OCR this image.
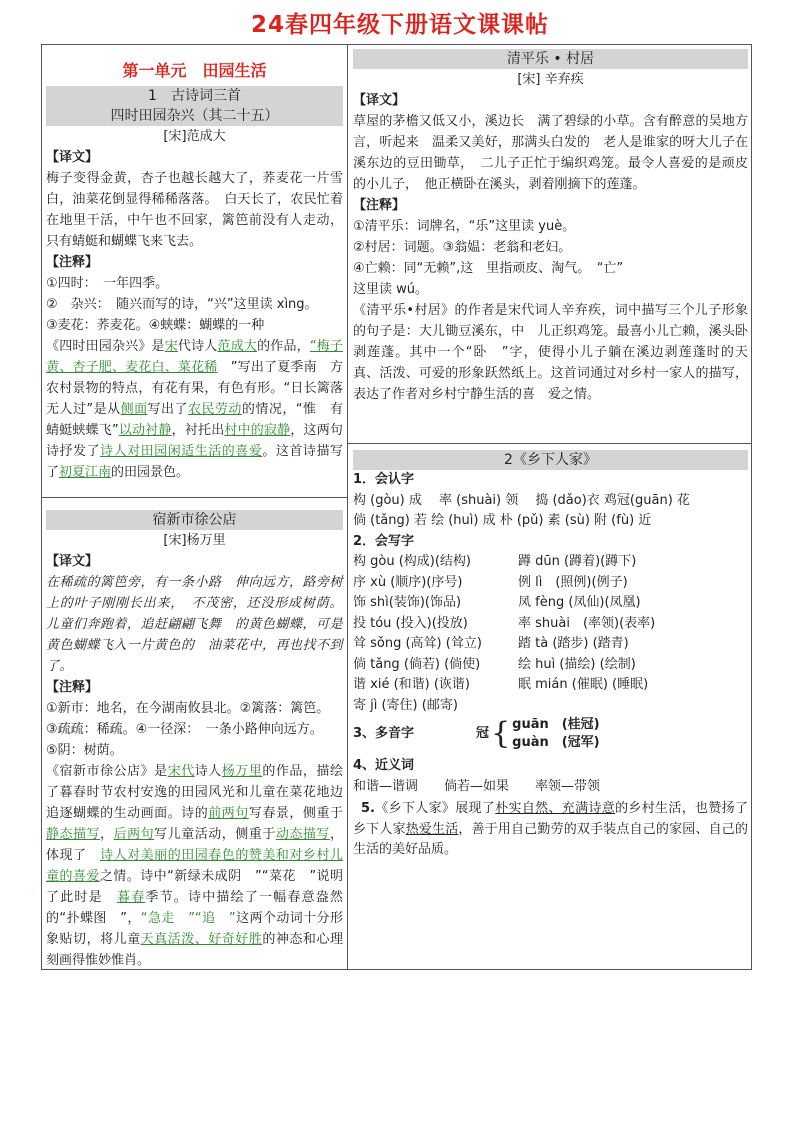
24春四年级下册语文课课帖
第一单元　田园生活
1　古诗词三首
四时田园杂兴（其二十五）
[宋]范成大
【译文】
梅子变得金黄，杏子也越长越大了，荞麦花一片雪白，油菜花倒显得稀稀落落。　白天长了，农民忙着在地里干活，中午也不回家，篱笆前没有人走动，只有蜻蜓和蝴蝶飞来飞去。
【注释】
①四时：　一年四季。
②　杂兴：　随兴而写的诗，“兴”这里读 xìng。
③麦花：荞麦花。④蛱蝶：蝴蝶的一种
《四时田园杂兴》是宋代诗人范成大的作品，“梅子黄、杏子肥、麦花白、菜花稀　”写出了夏季南　方农村景物的特点，有花有果，有色有形。“日长篱落无人过”是从侧面写出了农民劳动的情况，“惟　有蜻蜓蛱蝶飞”以动衬静，衬托出村中的寂静，这两句诗抒发了诗人对田园闲适生活的喜爱。这首诗描写了初夏江南的田园景色。
宿新市徐公店
[宋]杨万里
【译文】
在稀疏的篱笆旁，有一条小路　伸向远方，路旁树上的叶子刚刚长出来，　不茂密，还没形成树荫。儿童们奔跑着，追赶翩翩飞舞　的黄色蝴蝶，可是黄色蝴蝶飞入一片黄色的　油菜花中，再也找不到了。
【注释】
①新市：地名，在今湖南攸县北。②篱落：篱笆。
③疏疏：稀疏。④一径深：　一条小路伸向远方。
⑤阴：树荫。
《宿新市徐公店》是宋代诗人杨万里的作品，描绘了暮春时节农村安逸的田园风光和儿童在菜花地边追逐蝴蝶的生动画面。诗的前两句写春景，侧重于静态描写，后两句写儿童活动，侧重于动态描写，体现了　诗人对美丽的田园春色的赞美和对乡村儿童的喜爱之情。诗中“新绿未成阴　”“菜花　”说明了此时是　暮春季节。诗中描绘了一幅春意盎然的“扑蝶图　”，“急走　”“追　”这两个动词十分形象贴切，将儿童天真活泼、好奇好胜的神态和心理刻画得惟妙惟肖。
清平乐 • 村居
[宋] 辛弃疾
【译文】
草屋的茅檐又低又小，溪边长　满了碧绿的小草。含有醉意的吴地方言，听起来　温柔又美好，那满头白发的　老人是谁家的呀大儿子在溪东边的豆田锄草，　二儿子正忙于编织鸡笼。最令人喜爱的是顽皮的小儿子，　他正横卧在溪头，剥着刚摘下的莲蓬。
【注释】
①清平乐：词牌名，“乐”这里读 yuè。
②村居：词题。③翁媪：老翁和老妇。
④亡赖：同“无赖”,这　里指顽皮、淘气。　“亡”
这里读 wú。
《清平乐•村居》的作者是宋代词人辛弃疾，词中描写三个儿子形象的句子是：大儿锄豆溪东，中　儿正织鸡笼。最喜小儿亡赖，溪头卧剥莲蓬。其中一个“卧　”字，使得小儿子躺在溪边剥莲蓬时的天　真、活泼、可爱的形象跃然纸上。这首词通过对乡村一家人的描写，表达了作者对乡村宁静生活的喜　爱之情。
2《乡下人家》
1．会认字
构 (gòu) 成　 率 (shuài) 领　 捣 (dǎo)衣 鸡冠(guān) 花
倘 (tǎng) 若 绘 (huì) 成 朴 (pǔ) 素 (sù) 附 (fù) 近
2．会写字
构 gòu (构成)(结构)	蹲 dūn (蹲着)(蹲下)
序 xù (顺序)(序号)	例 lì　(照例)(例子)
饰 shì(装饰)(饰品)	凤 fèng (凤仙)(凤凰)
投 tóu (投入)(投放)	率 shuài　(率领)(表率)
耸 sǒng (高耸) (耸立)	踏 tà (踏步) (踏青)
倘 tǎng (倘若) (倘使)	绘 huì (描绘) (绘制)
谐 xié (和谐) (诙谐)	眠 mián (催眠) (睡眠)
寄 jì (寄住) (邮寄)
3、多音字	冠 { guān　(桂冠)
guàn　(冠军)
4、近义词
和谐—谐调　　倘若—如果　　率领—带领
5.《乡下人家》展现了朴实自然、充满诗意的乡村生活，也赞扬了乡下人家热爱生活，善于用自己勤劳的双手装点自己的家园、自己的生活的美好品质。
